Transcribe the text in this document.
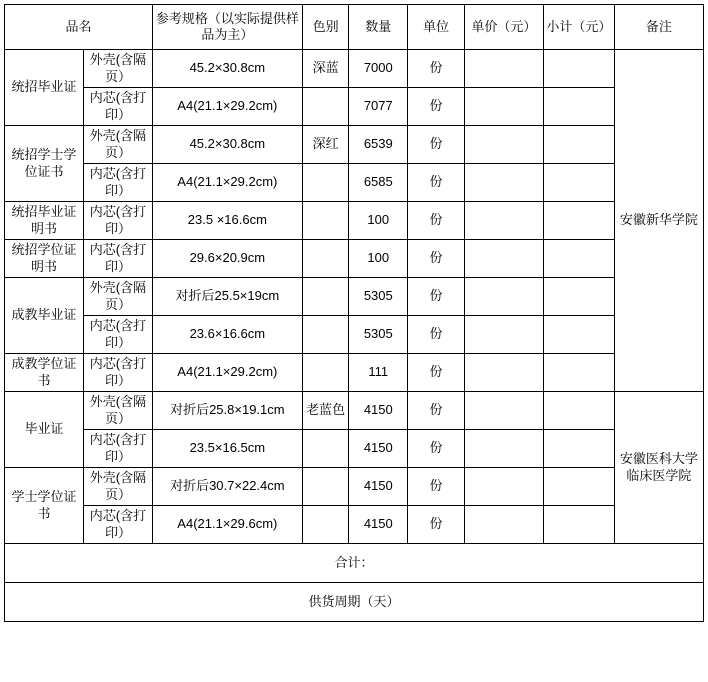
品名		参考规格（以实际提供样品为主）	色别	数量	单位	单价（元）	小计（元）	备注
统招毕业证	外壳(含隔页）	45.2×30.8cm	深蓝	7000	份			安徽新华学院
	内芯(含打印）	A4(21.1×29.2cm)		7077	份			
统招学士学位证书	外壳(含隔页）	45.2×30.8cm	深红	6539	份			
	内芯(含打印）	A4(21.1×29.2cm)		6585	份			
统招毕业证明书	内芯(含打印）	23.5 ×16.6cm		100	份			
统招学位证明书	内芯(含打印）	29.6×20.9cm		100	份			
成教毕业证	外壳(含隔页）	对折后25.5×19cm		5305	份			
	内芯(含打印）	23.6×16.6cm		5305	份			
成教学位证书	内芯(含打印）	A4(21.1×29.2cm)		111	份			
毕业证	外壳(含隔页）	对折后25.8×19.1cm	老蓝色	4150	份			安徽医科大学临床医学院
	内芯(含打印）	23.5×16.5cm		4150	份			
学士学位证书	外壳(含隔页）	对折后30.7×22.4cm		4150	份			
	内芯(含打印）	A4(21.1×29.6cm)		4150	份			
合计：								
供货周期（天）								
